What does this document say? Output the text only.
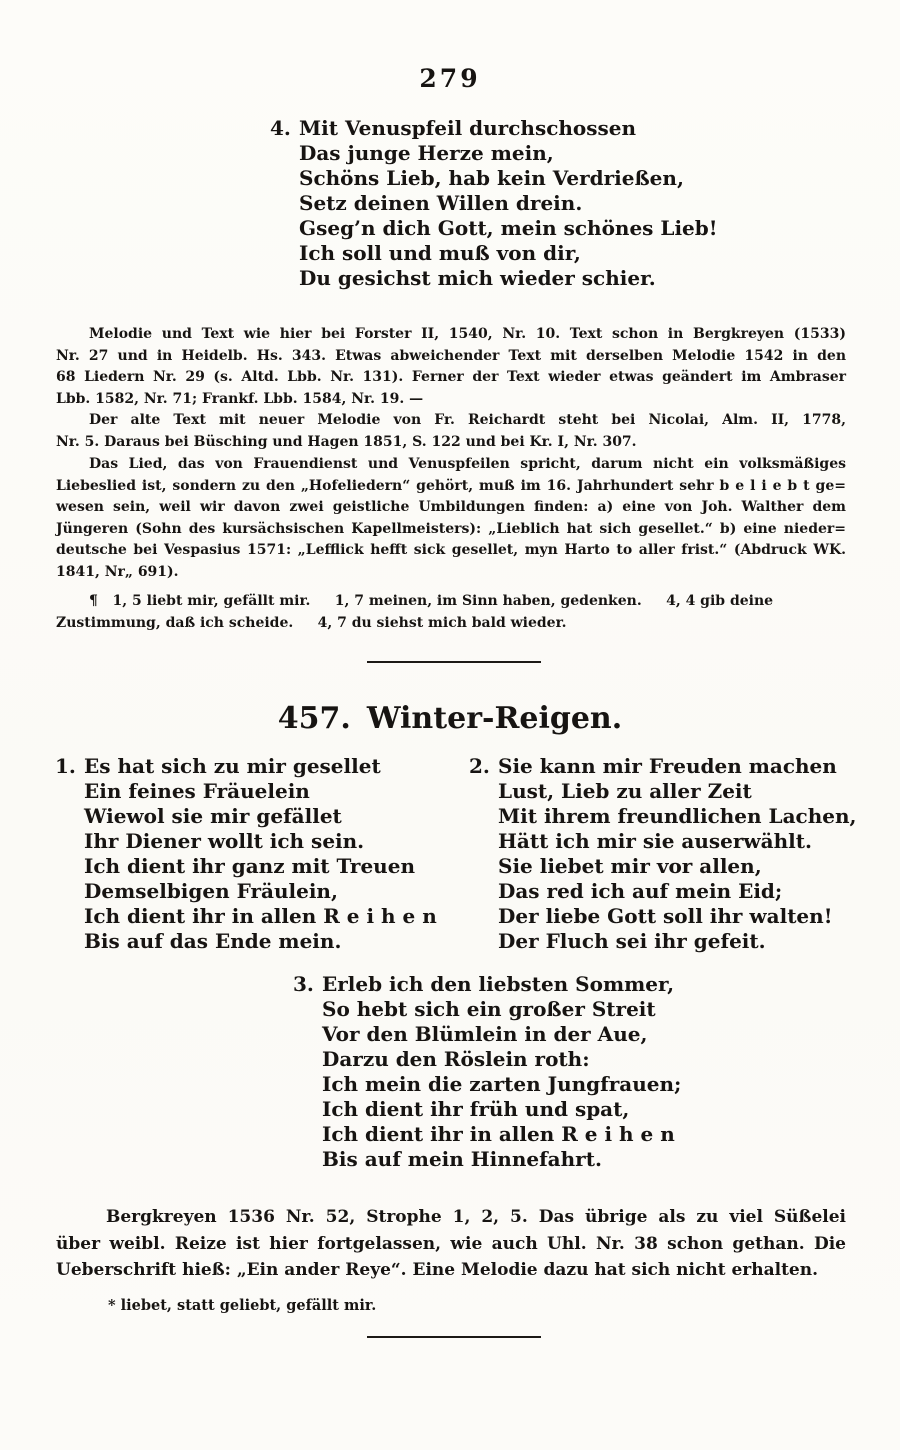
279
4. Mit Venuspfeil durchschossen
Das junge Herze mein,
Schöns Lieb, hab kein Verdrießen,
Setz deinen Willen drein.
Gseg’n dich Gott, mein schönes Lieb!
Ich soll und muß von dir,
Du gesichst mich wieder schier.
Melodie und Text wie hier bei Forster II, 1540, Nr. 10. Text schon in Bergkreyen (1533)
Nr. 27 und in Heidelb. Hs. 343. Etwas abweichender Text mit derselben Melodie 1542 in den
68 Liedern Nr. 29 (s. Altd. Lbb. Nr. 131). Ferner der Text wieder etwas geändert im Ambraser
Lbb. 1582, Nr. 71; Frankf. Lbb. 1584, Nr. 19. —
Der alte Text mit neuer Melodie von Fr. Reichardt steht bei Nicolai, Alm. II, 1778,
Nr. 5. Daraus bei Büsching und Hagen 1851, S. 122 und bei Kr. I, Nr. 307.
Das Lied, das von Frauendienst und Venuspfeilen spricht, darum nicht ein volksmäßiges
Liebeslied ist, sondern zu den „Hofeliedern“ gehört, muß im 16. Jahrhundert sehr b e l i e b t ge=
wesen sein, weil wir davon zwei geistliche Umbildungen finden: a) eine von Joh. Walther dem
Jüngeren (Sohn des kursächsischen Kapellmeisters): „Lieblich hat sich gesellet.“ b) eine nieder=
deutsche bei Vespasius 1571: „Lefflick hefft sick gesellet, myn Harto to aller frist.“ (Abdruck WK.
1841, Nr„ 691).
¶   1, 5 liebt mir, gefällt mir.     1, 7 meinen, im Sinn haben, gedenken.     4, 4 gib deine
Zustimmung, daß ich scheide.     4, 7 du siehst mich bald wieder.
457. Winter-Reigen.
1. Es hat sich zu mir gesellet
Ein feines Fräuelein
Wiewol sie mir gefället
Ihr Diener wollt ich sein.
Ich dient ihr ganz mit Treuen
Demselbigen Fräulein,
Ich dient ihr in allen R e i h e n
Bis auf das Ende mein.
2. Sie kann mir Freuden machen
Lust, Lieb zu aller Zeit
Mit ihrem freundlichen Lachen,
Hätt ich mir sie auserwählt.
Sie liebet mir vor allen,
Das red ich auf mein Eid;
Der liebe Gott soll ihr walten!
Der Fluch sei ihr gefeit.
3. Erleb ich den liebsten Sommer,
So hebt sich ein großer Streit
Vor den Blümlein in der Aue,
Darzu den Röslein roth:
Ich mein die zarten Jungfrauen;
Ich dient ihr früh und spat,
Ich dient ihr in allen R e i h e n
Bis auf mein Hinnefahrt.
Bergkreyen 1536 Nr. 52, Strophe 1, 2, 5. Das übrige als zu viel Süßelei
über weibl. Reize ist hier fortgelassen, wie auch Uhl. Nr. 38 schon gethan. Die
Ueberschrift hieß: „Ein ander Reye“. Eine Melodie dazu hat sich nicht erhalten.
* liebet, statt geliebt, gefällt mir.
